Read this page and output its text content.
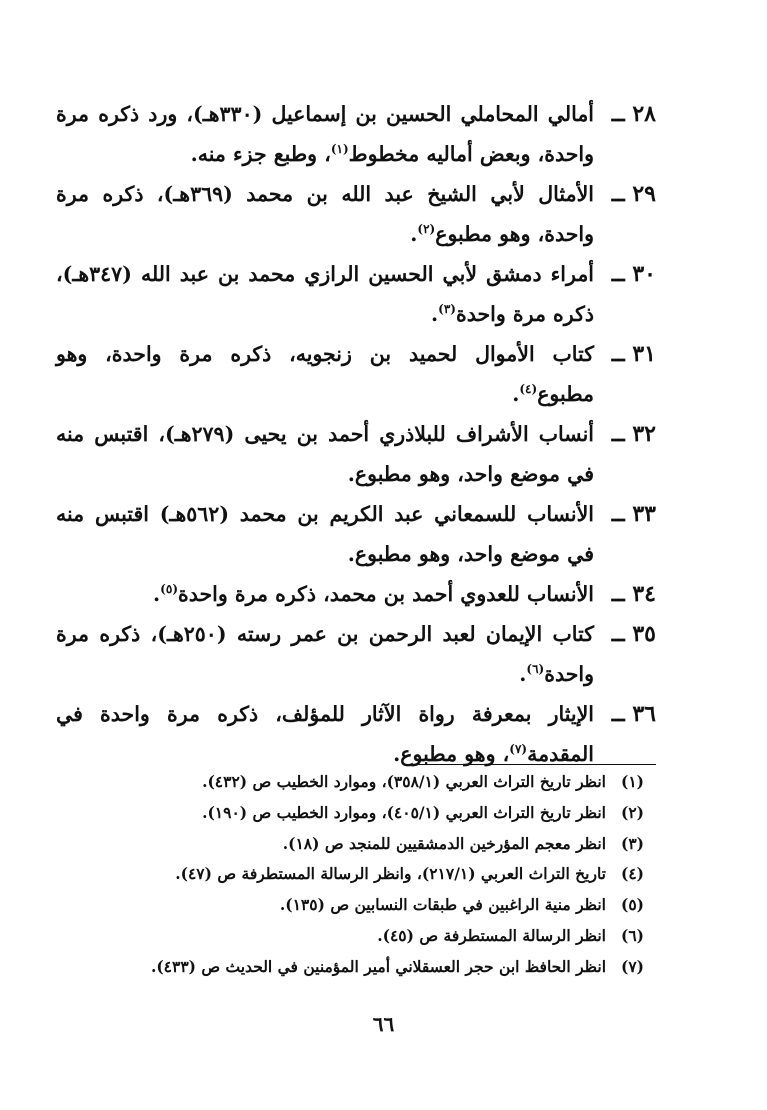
٢٨ ــ
أمالي المحاملي الحسين بن إسماعيل (٣٣٠هـ)، ورد ذكره مرة واحدة، وبعض أماليه مخطوط$^{(١)}$، وطبع جزء منه.
٢٩ ــ
الأمثال لأبي الشيخ عبد الله بن محمد (٣٦٩هـ)، ذكره مرة واحدة، وهو مطبوع$^{(٢)}$.
٣٠ ــ
أمراء دمشق لأبي الحسين الرازي محمد بن عبد الله (٣٤٧هـ)، ذكره مرة واحدة$^{(٣)}$.
٣١ ــ
كتاب الأموال لحميد بن زنجويه، ذكره مرة واحدة، وهو مطبوع$^{(٤)}$.
٣٢ ــ
أنساب الأشراف للبلاذري أحمد بن يحيى (٢٧٩هـ)، اقتبس منه في موضع واحد، وهو مطبوع.
٣٣ ــ
الأنساب للسمعاني عبد الكريم بن محمد (٥٦٢هـ) اقتبس منه في موضع واحد، وهو مطبوع.
٣٤ ــ
الأنساب للعدوي أحمد بن محمد، ذكره مرة واحدة$^{(٥)}$.
٣٥ ــ
كتاب الإيمان لعبد الرحمن بن عمر رسته (٢٥٠هـ)، ذكره مرة واحدة$^{(٦)}$.
٣٦ ــ
الإيثار بمعرفة رواة الآثار للمؤلف، ذكره مرة واحدة في المقدمة$^{(٧)}$، وهو مطبوع.
(١)
انظر تاريخ التراث العربي (٣٥٨/١)، وموارد الخطيب ص (٤٣٢).
(٢)
انظر تاريخ التراث العربي (٤٠٥/١)، وموارد الخطيب ص (١٩٠).
(٣)
انظر معجم المؤرخين الدمشقيين للمنجد ص (١٨).
(٤)
تاريخ التراث العربي (٢١٧/١)، وانظر الرسالة المستطرفة ص (٤٧).
(٥)
انظر منية الراغبين في طبقات النسابين ص (١٣٥).
(٦)
انظر الرسالة المستطرفة ص (٤٥).
(٧)
انظر الحافظ ابن حجر العسقلاني أمير المؤمنين في الحديث ص (٤٣٣).
٦٦
